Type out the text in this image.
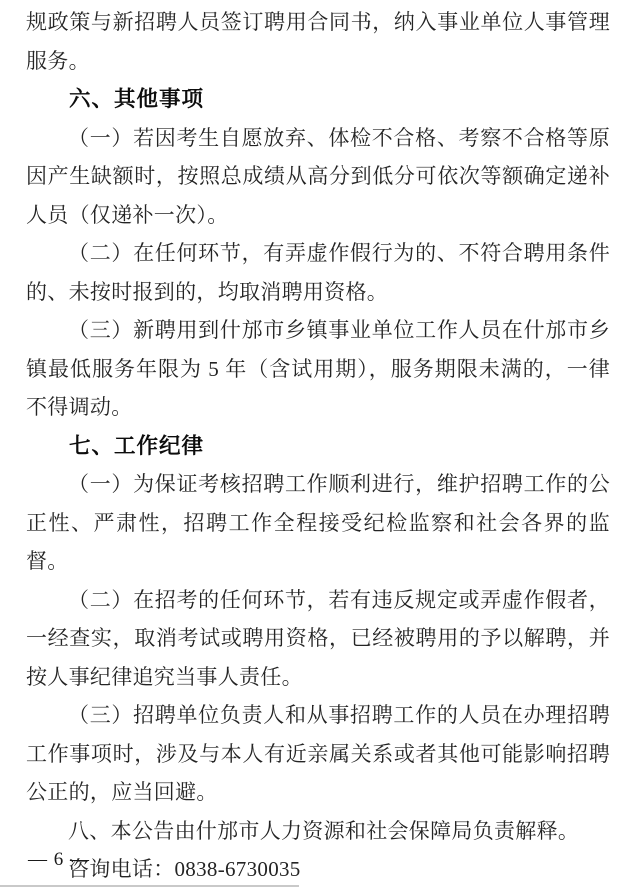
规政策与新招聘人员签订聘用合同书，纳入事业单位人事管理服务。

六、其他事项

（一）若因考生自愿放弃、体检不合格、考察不合格等原因产生缺额时，按照总成绩从高分到低分可依次等额确定递补人员（仅递补一次）。

（二）在任何环节，有弄虚作假行为的、不符合聘用条件的、未按时报到的，均取消聘用资格。

（三）新聘用到什邡市乡镇事业单位工作人员在什邡市乡镇最低服务年限为 5 年（含试用期），服务期限未满的，一律不得调动。

七、工作纪律

（一）为保证考核招聘工作顺利进行，维护招聘工作的公正性、严肃性，招聘工作全程接受纪检监察和社会各界的监督。

（二）在招考的任何环节，若有违反规定或弄虚作假者，一经查实，取消考试或聘用资格，已经被聘用的予以解聘，并按人事纪律追究当事人责任。

（三）招聘单位负责人和从事招聘工作的人员在办理招聘工作事项时，涉及与本人有近亲属关系或者其他可能影响招聘公正的，应当回避。

八、本公告由什邡市人力资源和社会保障局负责解释。

咨询电话：0838-6730035

— 6 —
